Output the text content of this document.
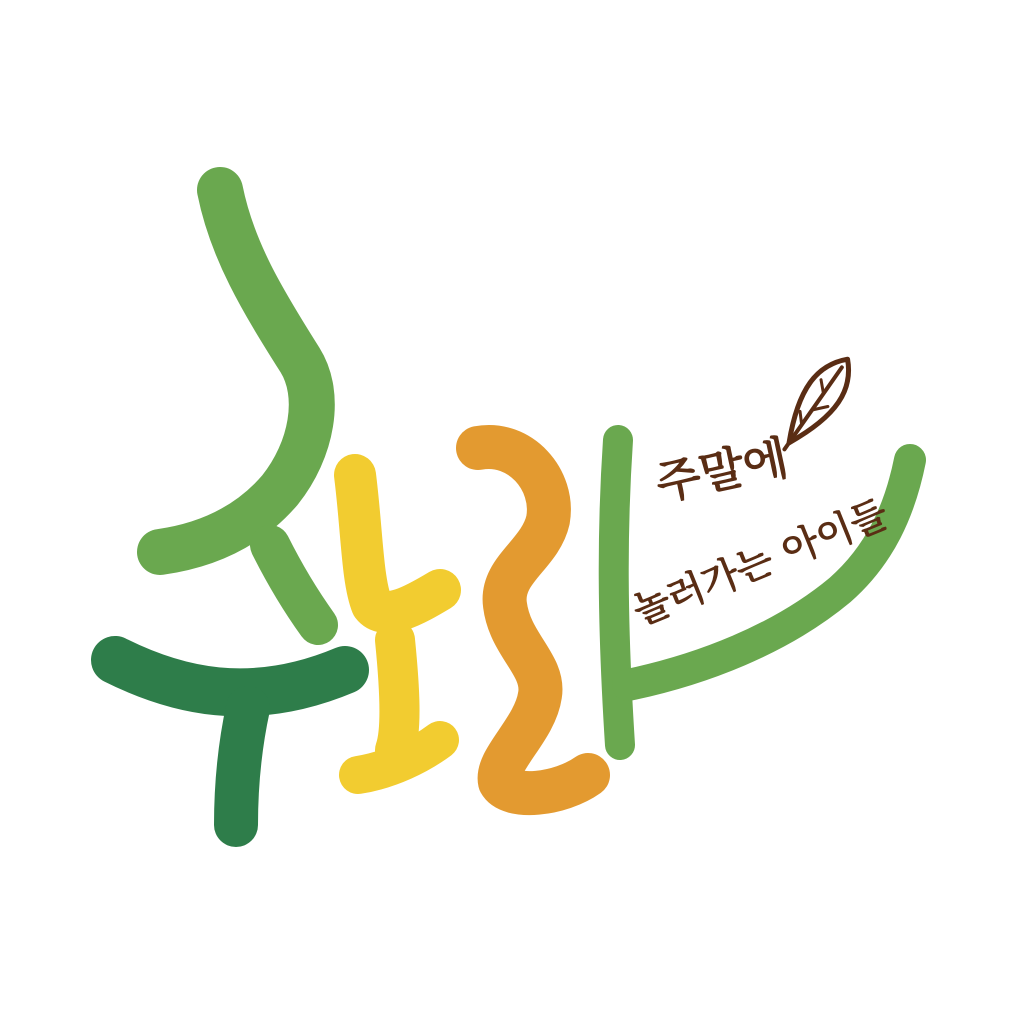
주말에
놀러가는 아이들
